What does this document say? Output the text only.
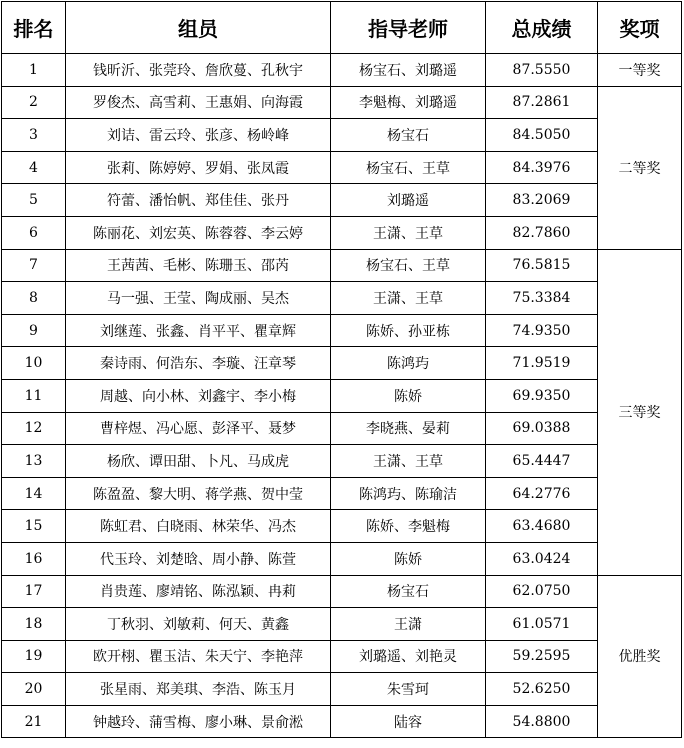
排名	组员	指导老师	总成绩	奖项
1	钱昕沂、张莞玲、詹欣蔓、孔秋宇	杨宝石、刘璐遥	87.5550	一等奖
2	罗俊杰、高雪莉、王惠娟、向海霞	李魁梅、刘璐遥	87.2861	二等奖
3	刘诘、雷云玲、张彦、杨岭峰	杨宝石	84.5050	
4	张莉、陈婷婷、罗娟、张凤霞	杨宝石、王草	84.3976	
5	符蕾、潘怡帆、郑佳佳、张丹	刘璐遥	83.2069	
6	陈丽花、刘宏英、陈蓉蓉、李云婷	王潇、王草	82.7860	
7	王茜茜、毛彬、陈珊玉、邵芮	杨宝石、王草	76.5815	三等奖
8	马一强、王莹、陶成丽、吴杰	王潇、王草	75.3384	
9	刘继莲、张鑫、肖平平、瞿章辉	陈娇、孙亚栋	74.9350	
10	秦诗雨、何浩东、李璇、汪章琴	陈鸿玙	71.9519	
11	周越、向小林、刘鑫宇、李小梅	陈娇	69.9350	
12	曹梓煜、冯心愿、彭泽平、聂梦	李晓燕、晏莉	69.0388	
13	杨欣、谭田甜、卜凡、马成虎	王潇、王草	65.4447	
14	陈盈盈、黎大明、蒋学燕、贺中莹	陈鸿玙、陈瑜洁	64.2776	
15	陈虹君、白晓雨、林荣华、冯杰	陈娇、李魁梅	63.4680	
16	代玉玲、刘楚晗、周小静、陈萱	陈娇	63.0424	
17	肖贵莲、廖靖铭、陈泓颖、冉莉	杨宝石	62.0750	优胜奖
18	丁秋羽、刘敏莉、何天、黄鑫	王潇	61.0571	
19	欧开栩、瞿玉洁、朱天宁、李艳萍	刘璐遥、刘艳灵	59.2595	
20	张星雨、郑美琪、李浩、陈玉月	朱雪珂	52.6250	
21	钟越玲、蒲雪梅、廖小琳、景俞淞	陆容	54.8800	
